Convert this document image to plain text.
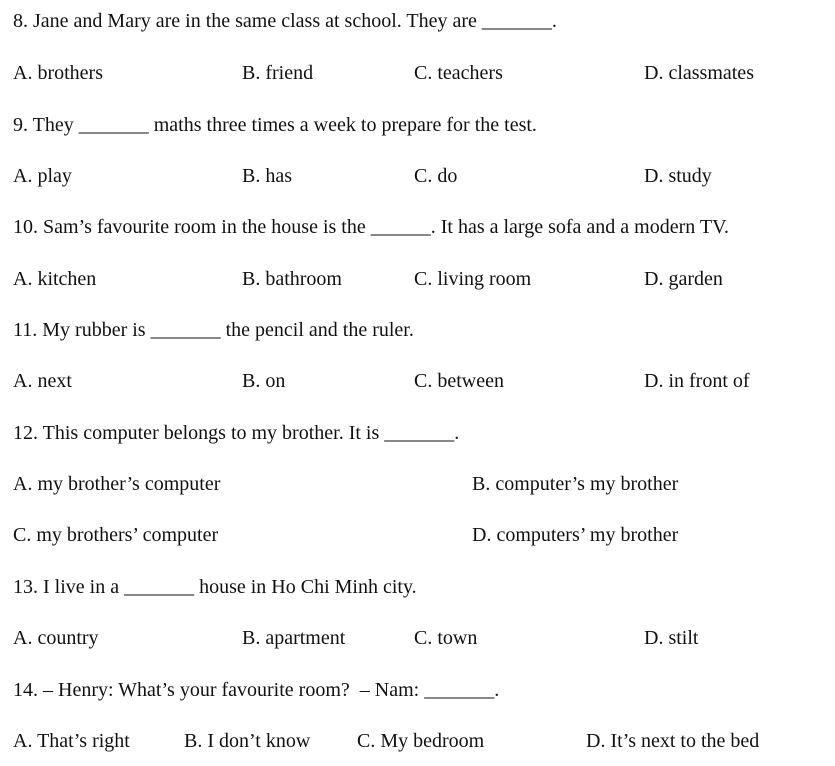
8. Jane and Mary are in the same class at school. They are _______.
A. brothers	B. friend	C. teachers	D. classmates
9. They _______ maths three times a week to prepare for the test.
A. play	B. has	C. do	D. study
10. Sam’s favourite room in the house is the ______. It has a large sofa and a modern TV.
A. kitchen	B. bathroom	C. living room	D. garden
11. My rubber is _______ the pencil and the ruler.
A. next	B. on	C. between	D. in front of
12. This computer belongs to my brother. It is _______.
A. my brother’s computer	B. computer’s my brother
C. my brothers’ computer	D. computers’ my brother
13. I live in a _______ house in Ho Chi Minh city.
A. country	B. apartment	C. town	D. stilt
14. – Henry: What’s your favourite room?  – Nam: _______.
A. That’s right	B. I don’t know C. My bedroom	D. It’s next to the bed
